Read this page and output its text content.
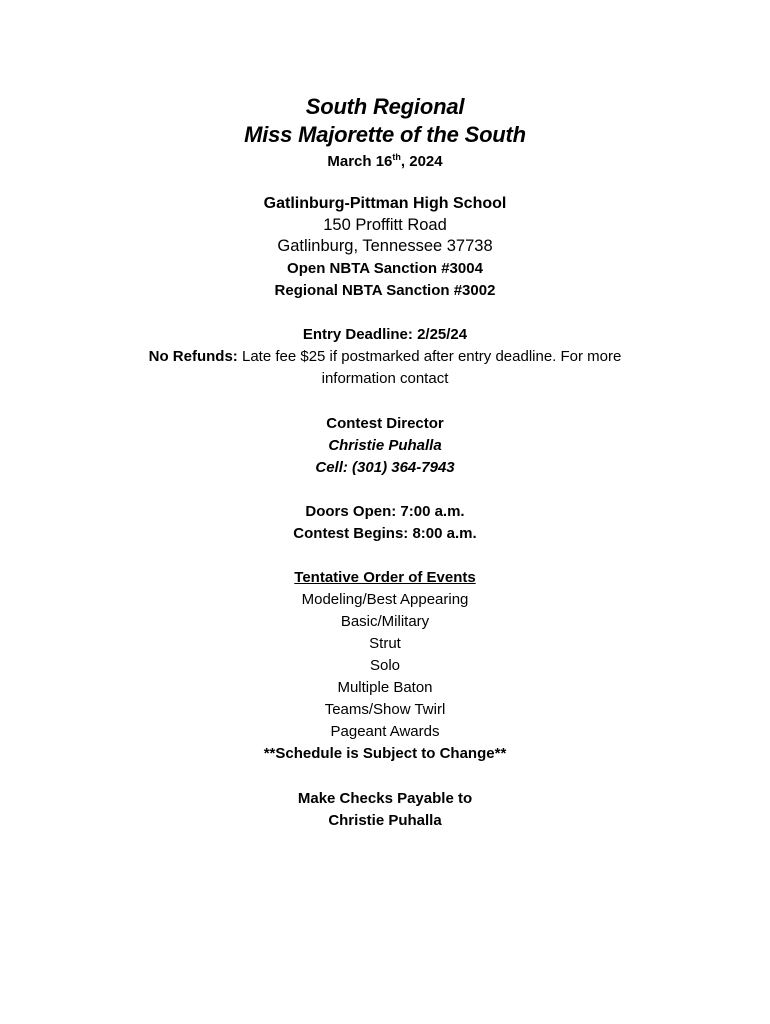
South Regional
Miss Majorette of the South
March 16th, 2024
Gatlinburg-Pittman High School
150 Proffitt Road
Gatlinburg, Tennessee 37738
Open NBTA Sanction #3004
Regional NBTA Sanction #3002
Entry Deadline: 2/25/24
No Refunds: Late fee $25 if postmarked after entry deadline. For more information contact
Contest Director
Christie Puhalla
Cell: (301) 364-7943
Doors Open: 7:00 a.m.
Contest Begins: 8:00 a.m.
Tentative Order of Events
Modeling/Best Appearing
Basic/Military
Strut
Solo
Multiple Baton
Teams/Show Twirl
Pageant Awards
**Schedule is Subject to Change**
Make Checks Payable to
Christie Puhalla
